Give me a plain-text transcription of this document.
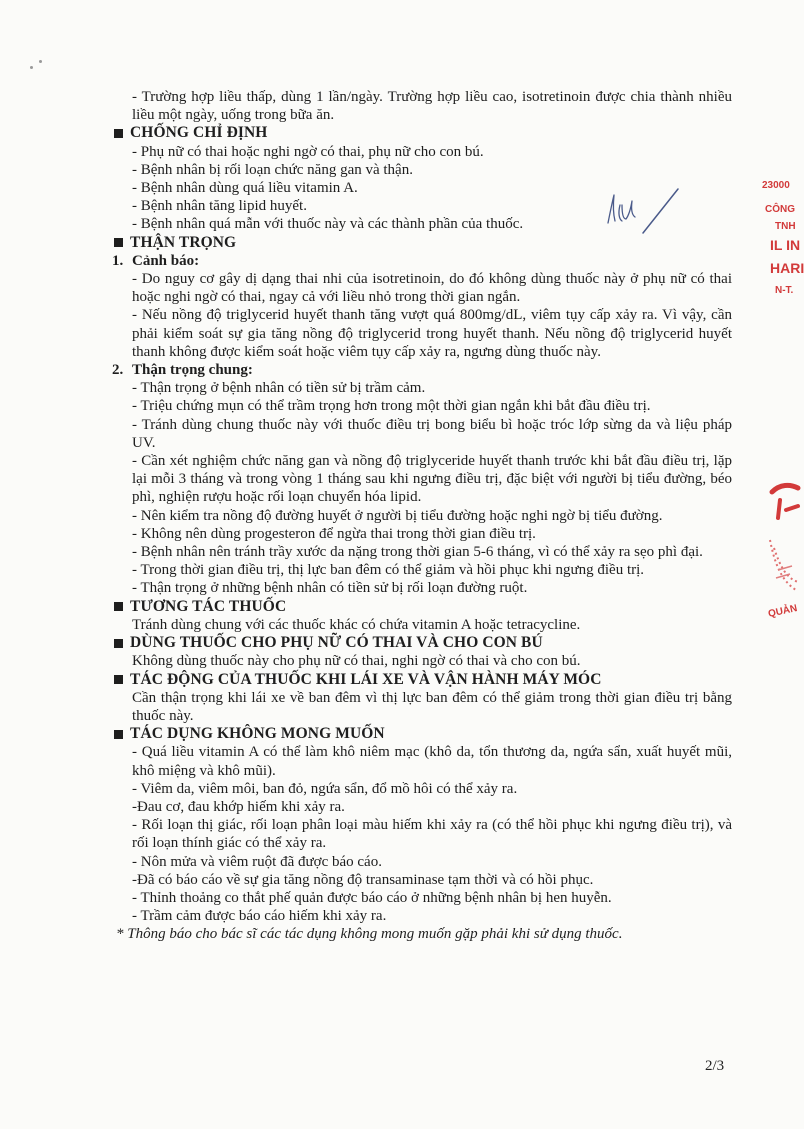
- Trường hợp liều thấp, dùng 1 lần/ngày. Trường hợp liều cao, isotretinoin được chia thành nhiều liều một ngày, uống trong bữa ăn.

CHỐNG CHỈ ĐỊNH

- Phụ nữ có thai hoặc nghi ngờ có thai, phụ nữ cho con bú.

- Bệnh nhân bị rối loạn chức năng gan và thận.

- Bệnh nhân dùng quá liều vitamin A.

- Bệnh nhân tăng lipid huyết.

- Bệnh nhân quá mẫn với thuốc này và các thành phần của thuốc.

THẬN TRỌNG
1. Cảnh báo:

- Do nguy cơ gây dị dạng thai nhi của isotretinoin, do đó không dùng thuốc này ở phụ nữ có thai hoặc nghi ngờ có thai, ngay cả với liều nhỏ trong thời gian ngắn.

- Nếu nồng độ triglycerid huyết thanh tăng vượt quá 800mg/dL, viêm tụy cấp xảy ra. Vì vậy, cần phải kiểm soát sự gia tăng nồng độ triglycerid trong huyết thanh. Nếu nồng độ triglycerid huyết thanh không được kiểm soát hoặc viêm tụy cấp xảy ra, ngưng dùng thuốc này.

2. Thận trọng chung:

- Thận trọng ở bệnh nhân có tiền sử bị trầm cảm.

- Triệu chứng mụn có thể trầm trọng hơn trong một thời gian ngắn khi bắt đầu điều trị.

- Tránh dùng chung thuốc này với thuốc điều trị bong biểu bì hoặc tróc lớp sừng da và liệu pháp UV.

- Cần xét nghiệm chức năng gan và nồng độ triglyceride huyết thanh trước khi bắt đầu điều trị, lặp lại mỗi 3 tháng và trong vòng 1 tháng sau khi ngưng điều trị, đặc biệt với người bị tiểu đường, béo phì, nghiện rượu hoặc rối loạn chuyển hóa lipid.

- Nên kiểm tra nồng độ đường huyết ở người bị tiểu đường hoặc nghi ngờ bị tiểu đường.

- Không nên dùng progesteron để ngừa thai trong thời gian điều trị.

- Bệnh nhân nên tránh trầy xước da nặng trong thời gian 5-6 tháng, vì có thể xảy ra sẹo phì đại.

- Trong thời gian điều trị, thị lực ban đêm có thể giảm và hồi phục khi ngưng điều trị.

- Thận trọng ở những bệnh nhân có tiền sử bị rối loạn đường ruột.

TƯƠNG TÁC THUỐC

Tránh dùng chung với các thuốc khác có chứa vitamin A hoặc tetracycline.

DÙNG THUỐC CHO PHỤ NỮ CÓ THAI VÀ CHO CON BÚ

Không dùng thuốc này cho phụ nữ có thai, nghi ngờ có thai và cho con bú.

TÁC ĐỘNG CỦA THUỐC KHI LÁI XE VÀ VẬN HÀNH MÁY MÓC

Cần thận trọng khi lái xe về ban đêm vì thị lực ban đêm có thể giảm trong thời gian điều trị bằng thuốc này.

TÁC DỤNG KHÔNG MONG MUỐN

- Quá liều vitamin A có thể làm khô niêm mạc (khô da, tổn thương da, ngứa sẩn, xuất huyết mũi, khô miệng và khô mũi).

- Viêm da, viêm môi, ban đỏ, ngứa sẩn, đổ mồ hôi có thể xảy ra.

-Đau cơ, đau khớp hiếm khi xảy ra.

- Rối loạn thị giác, rối loạn phân loại màu hiếm khi xảy ra (có thể hồi phục khi ngưng điều trị), và rối loạn thính giác có thể xảy ra.

- Nôn mửa và viêm ruột đã được báo cáo.

-Đã có báo cáo về sự gia tăng nồng độ transaminase tạm thời và có hồi phục.

- Thỉnh thoảng co thắt phế quản được báo cáo ở những bệnh nhân bị hen huyễn.

- Trầm cảm được báo cáo hiếm khi xảy ra.

* Thông báo cho bác sĩ các tác dụng không mong muốn gặp phải khi sử dụng thuốc.

2/3
23000
CÔNG
TNH
IL IN
HARI
N-T.
QUẢN
